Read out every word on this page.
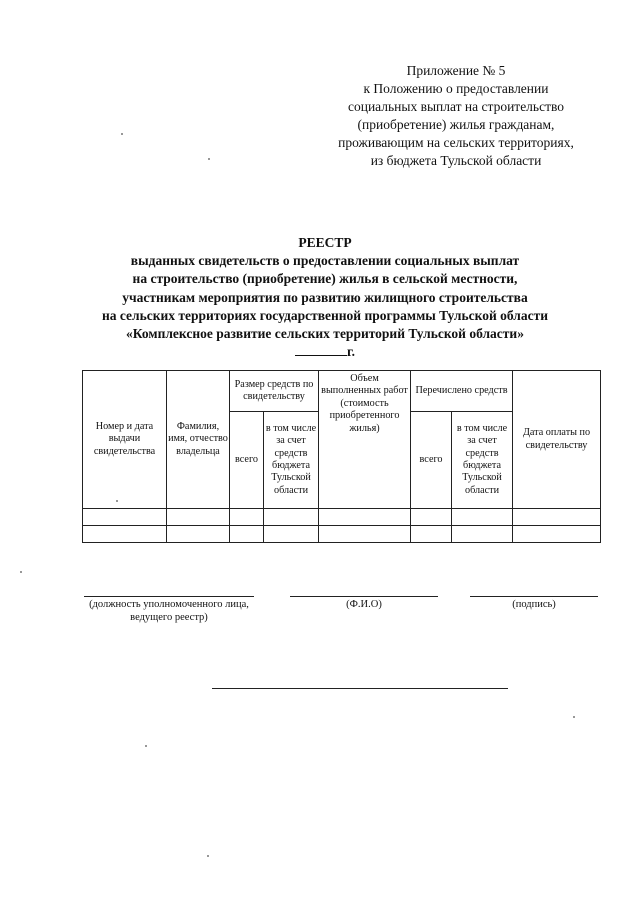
Приложение № 5
к Положению о предоставлении
социальных выплат на строительство
(приобретение) жилья гражданам,
проживающим на сельских территориях,
из бюджета Тульской области
РЕЕСТР
выданных свидетельств о предоставлении социальных выплат
на строительство (приобретение) жилья в сельской местности,
участникам мероприятия по развитию жилищного строительства
на сельских территориях государственной программы Тульской области
«Комплексное развитие сельских территорий Тульской области»
г.
Номер и дата выдачи свидетельства	Фамилия, имя, отчество владельца	Размер средств по свидетельству		Объем выполненных работ (стоимость приобретенного жилья)	Перечислено средств		Дата оплаты по свидетельству
		всего	в том числе за счет средств бюджета Тульской области		всего	в том числе за счет средств бюджета Тульской области	

(должность уполномоченного лица, ведущего реестр)
(Ф.И.О)	(подпись)
